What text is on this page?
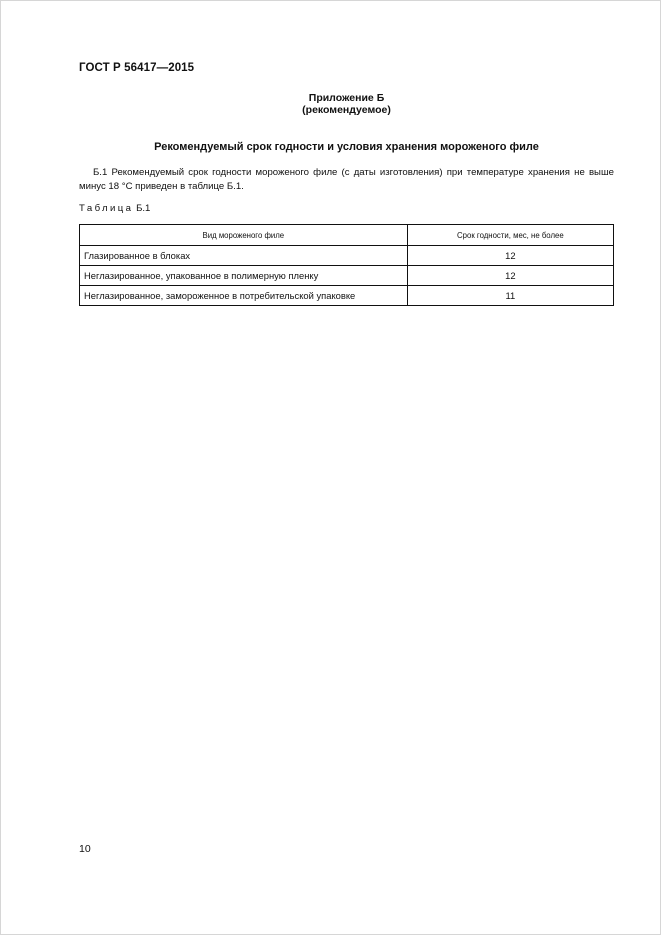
ГОСТ Р 56417—2015
Приложение Б
(рекомендуемое)
Рекомендуемый срок годности и условия хранения мороженого филе
Б.1 Рекомендуемый срок годности мороженого филе (с даты изготовления) при температуре хранения не выше минус 18 °С приведен в таблице Б.1.
Таблица Б.1
Вид мороженого филе	Срок годности, мес, не более
Глазированное в блоках	12
Неглазированное, упакованное в полимерную пленку	12
Неглазированное, замороженное в потребительской упаковке	11
10
